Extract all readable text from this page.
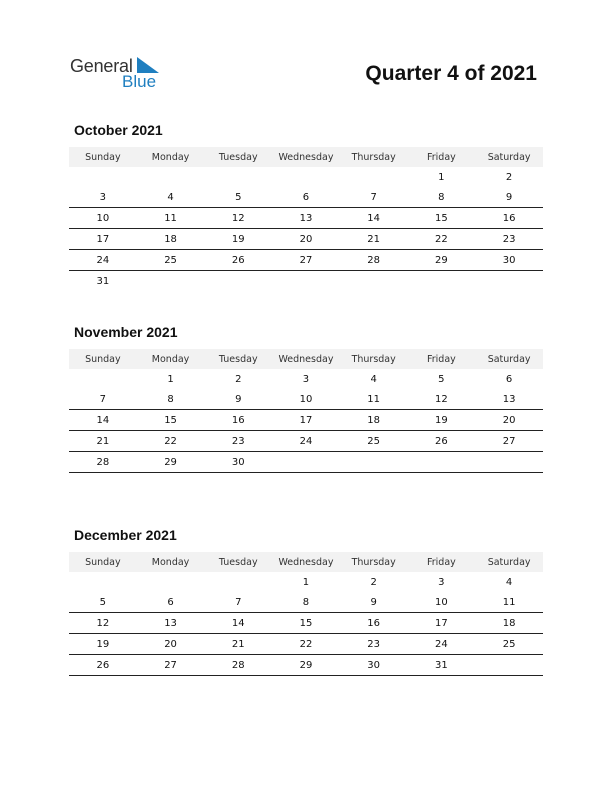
General
Blue	Quarter 4 of 2021
October 2021
Sunday	Monday	Tuesday	Wednesday	Thursday	Friday	Saturday
					1	2
3	4	5	6	7	8	9
10	11	12	13	14	15	16
17	18	19	20	21	22	23
24	25	26	27	28	29	30
31						
November 2021
Sunday	Monday	Tuesday	Wednesday	Thursday	Friday	Saturday
	1	2	3	4	5	6
7	8	9	10	11	12	13
14	15	16	17	18	19	20
21	22	23	24	25	26	27
28	29	30				
December 2021
Sunday	Monday	Tuesday	Wednesday	Thursday	Friday	Saturday
			1	2	3	4
5	6	7	8	9	10	11
12	13	14	15	16	17	18
19	20	21	22	23	24	25
26	27	28	29	30	31	
